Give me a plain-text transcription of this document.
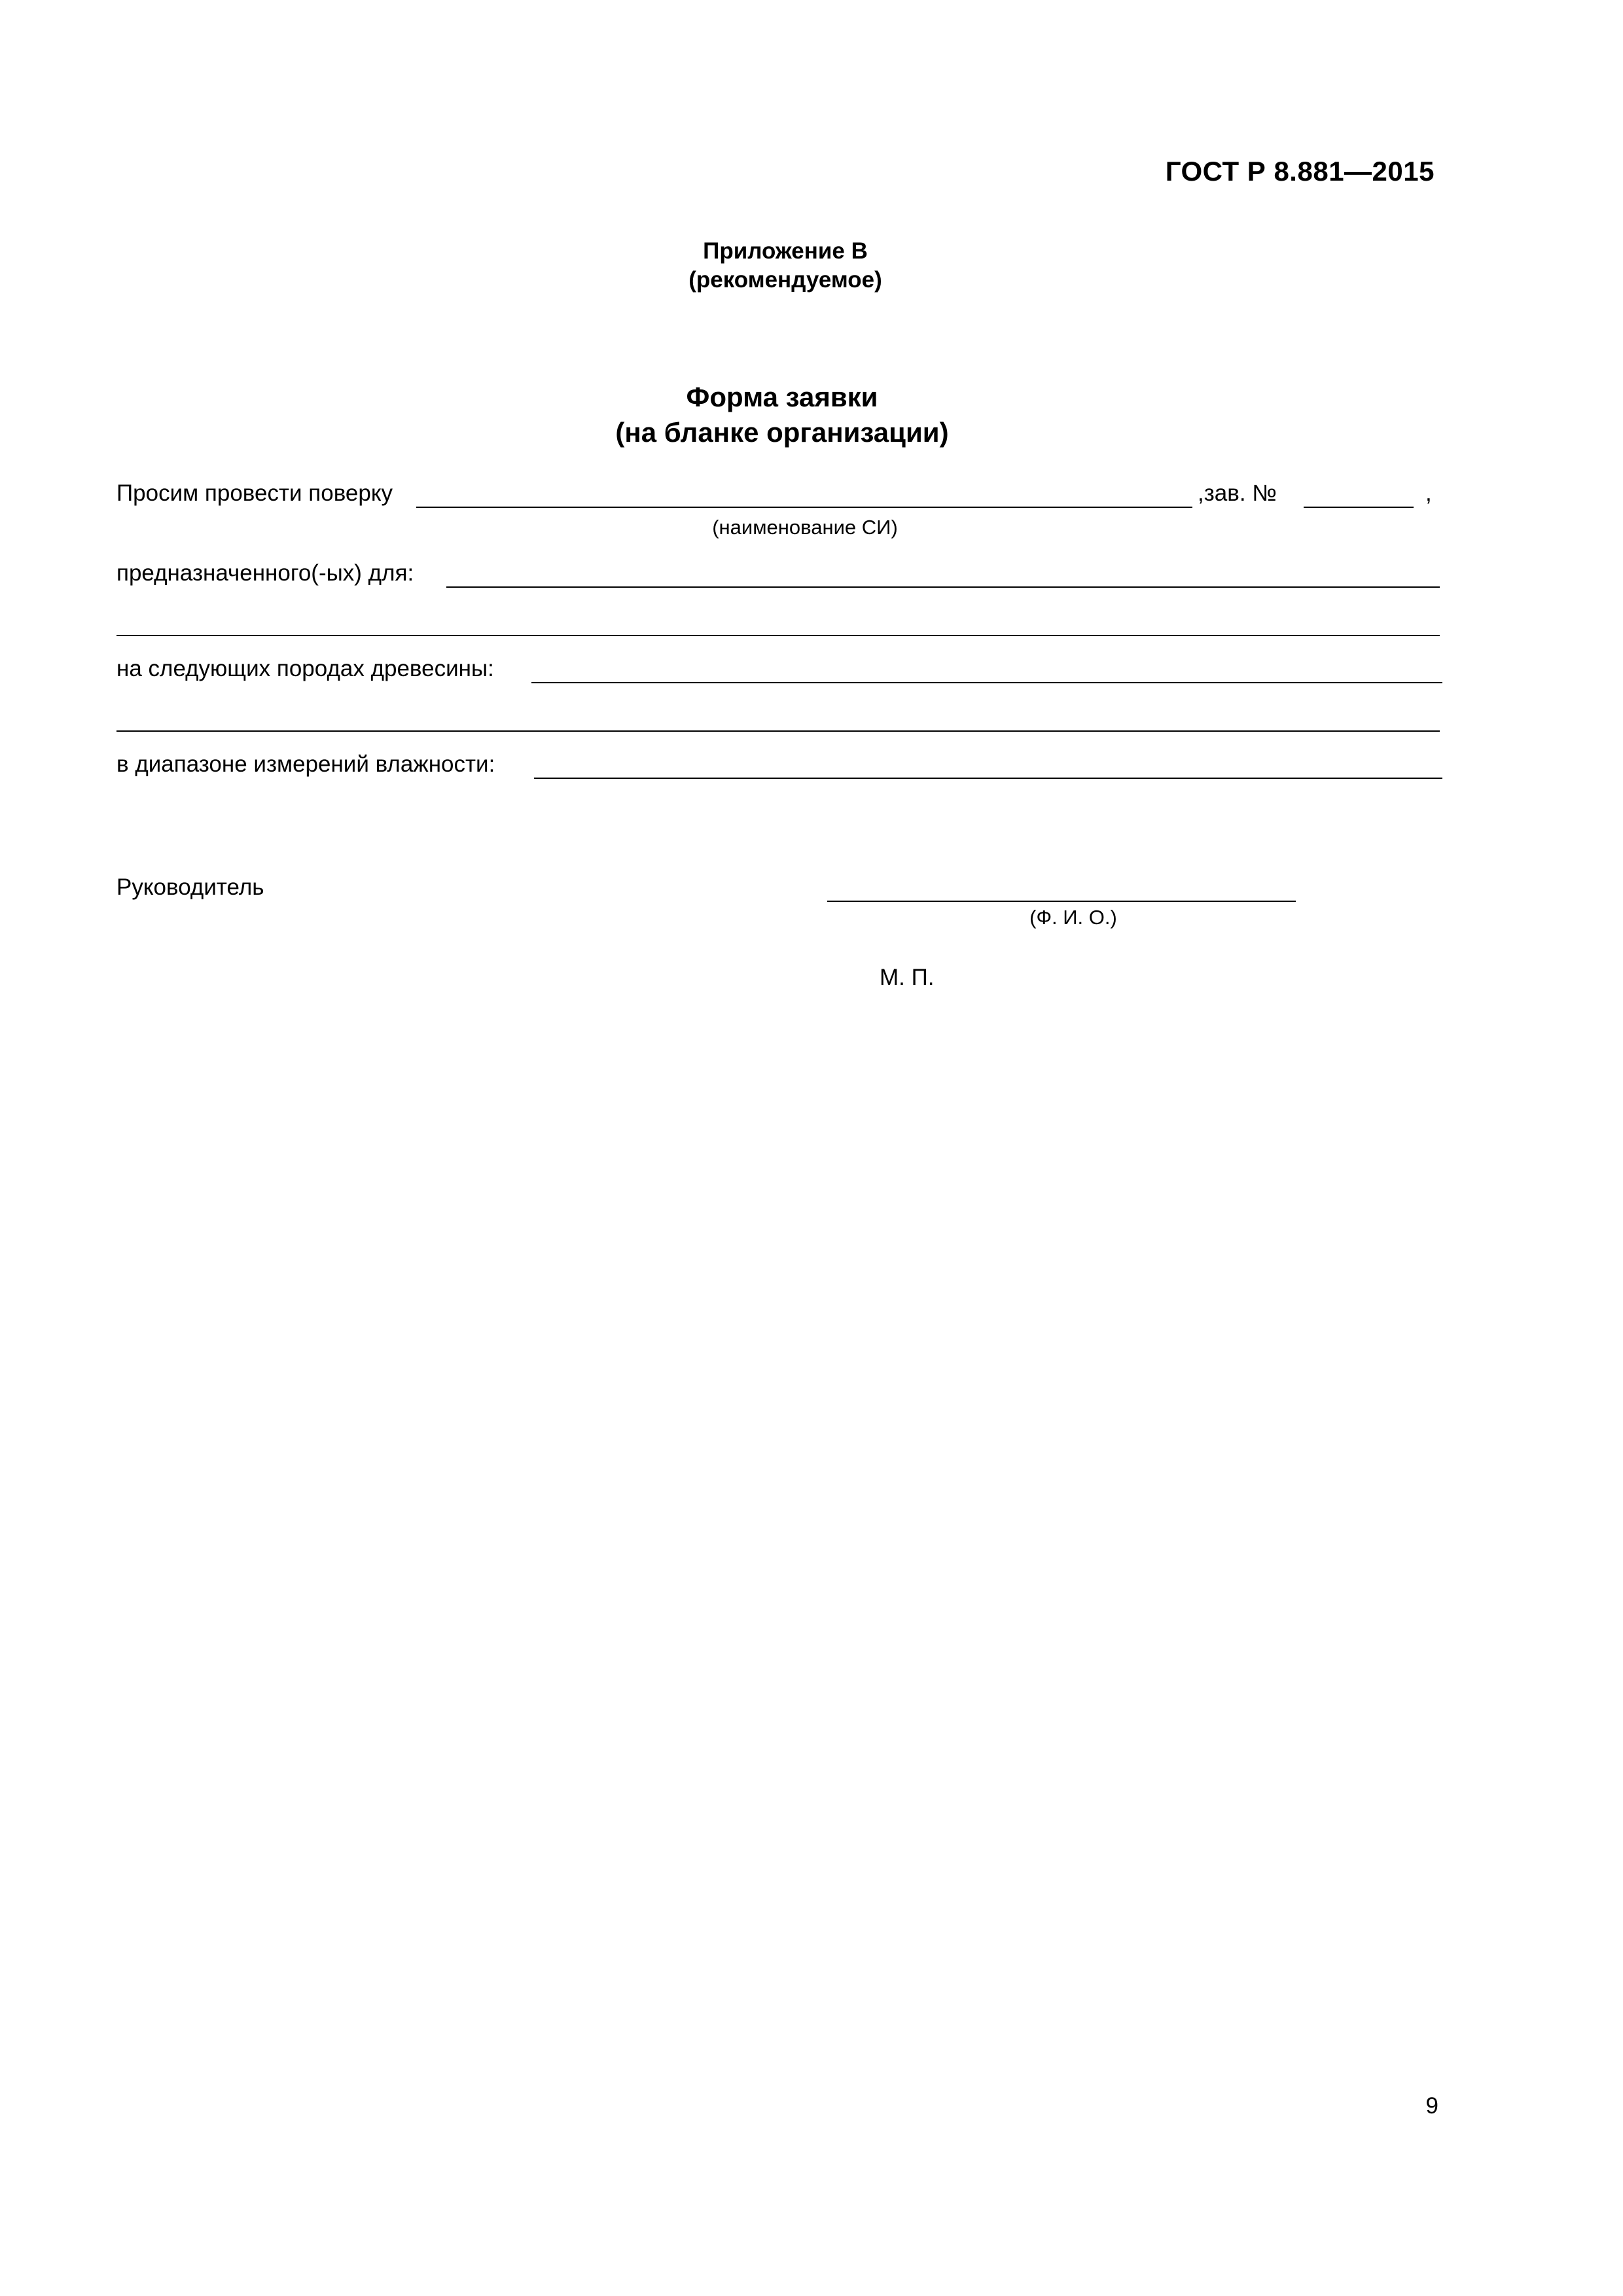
ГОСТ Р 8.881—2015
Приложение В
(рекомендуемое)
Форма заявки
(на бланке организации)
Просим провести поверку	,зав. №	,
(наименование СИ)
предназначенного(-ых) для:
на следующих породах древесины:
в диапазоне измерений влажности:
Руководитель
(Ф. И. О.)
М. П.
9
